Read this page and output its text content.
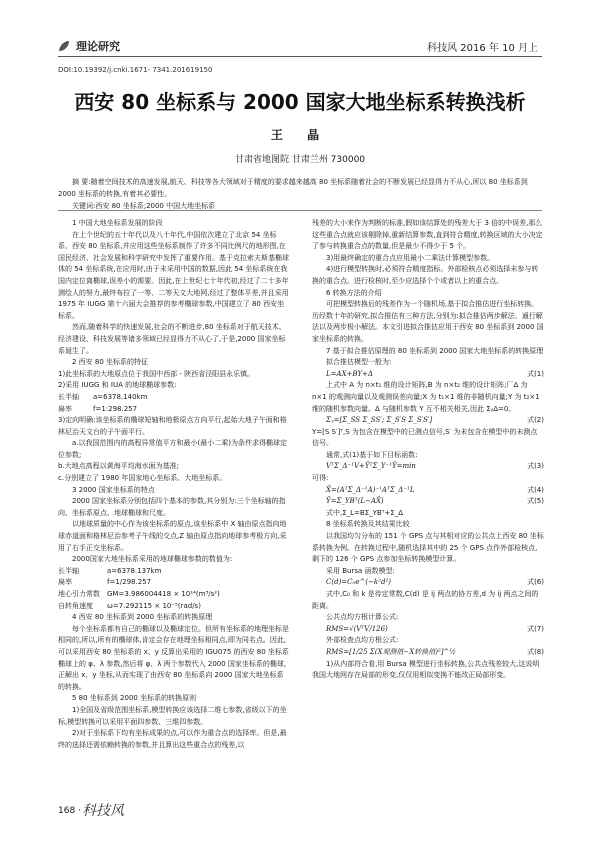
理论研究	科技风 2016 年 10 月上
DOI:10.19392/j.cnki.1671- 7341.201619150
西安 80 坐标系与 2000 国家大地坐标系转换浅析
王 晶
甘肃省地图院 甘肃兰州 730000

摘 要:随着空间技术的高速发展,航天、科技等各大领域对于精度的要求越来越高 80 坐标系随着社会的不断发展已经显得力不从心,所以 80 坐标系到 2000 坐标系的转换,有着其必要性。

关键词:西安 80 坐标系;2000 中国大地坐标系

1 中国大地坐标系发展的阶段

在上个世纪的五十年代以及八十年代,中国依次建立了北京 54 坐标系、西安 80 坐标系,并应用这些坐标系制作了许多不同比例尺的地形图,在国民经济、社会发展和科学研究中发挥了重要作用。基于克拉索夫斯基椭球体的 54 坐标系统,在应用时,由于未采用中国的数据,因此 54 坐标系统在我国内定位离椭球,误差小的需要。因此,在上世纪七十年代初,经过了二十多年测绘人的努力,最终布拉了一等、二等天文大地网,经过了整体平差,并且采用 1975 年 IUGG 第十六届大会推荐的参考椭球参数,中国建立了 80 西安坐标系。

然而,随着科学的快速发展,社会的不断进步,80 坐标系对于航天技术、经济建设、科技发展等诸多领域已经显得力不从心了,于是,2000 国家坐标系诞生了。

2 西安 80 坐标系的特征

1)此坐标系的大地原点位于我国中西部 - 陕西省泾阳县永乐镇。

2)采用 IUGG 和 IUA 的地球椭球参数:

长半轴　　a=6378.140km

扁率　　　f=1:298.257

3)定向明确:该坐标系的椭球短轴和地极原点方向平行,起始大地子午面和格林尼治天文台的子午面平行。

a.以我国范围内的高程异常值平方和最小(最小二乘)为条件求得椭球定位参数;

b.大地点高程以黄海平均海水面为基准;

c.分别建立了 1980 年国家地心坐标系、大地坐标系。

3 2000 国家坐标系的特点

2000 国家坐标系分别包括四个基本的参数,其分别为:三个坐标轴的指向、坐标系原点、地球椭球和尺度。

以地球质量的中心作为该坐标系的原点,该坐标系中 X 轴由原点指向地球赤道面和格林尼治参考子午线的交点,Z 轴由原点指向地球参考极方向,采用了右手正交坐标系。

2000国家大地坐标系采用的地球椭球参数的数值为:

长半轴　　　　a=6378.137km

扁率　　　　　f=1/298.257

地心引力常数　GM=3.986004418 × 10¹⁴(m³/s²)

自转角速度　　ω=7.292115 × 10⁻⁵(rad/s)

4 西安 80 坐标系到 2000 坐标系的转换原理

每个坐标系都有自己的椭球以及椭球定位。但所有坐标系的地理坐标是相同的,所以,所有的椭球体,肯定会存在地理坐标相同点,即为同名点。因此,可以采用西安 80 坐标系的 x、y 反算出采用的 IGU075 的西安 80 坐标系椭球上的 φ、λ 参数,然后将 φ、λ 两个参数代入 2000 国家坐标系的椭球,正解出 x、y 坐标,从而实现了由西安 80 坐标系向 2000 国家大地坐标系的转换。

5 80 坐标系到 2000 坐标系的转换原则

1)全国及省级范围坐标系,模型转换应该选择二维七参数,省级以下的坐标,模型转换可以采用平面四参数、三维四参数。

2)对于坐标系下均有坐标成果的点,可以作为重合点的选择库。但是,最终的选择还需依赖转换的参数,并且算出这些重合点的残差,以

残差的大小来作为判断的标准,假如该结算处的残差大于 3 倍的中误差,那么这些重合点就应该剔除掉,重新结算参数,直到符合精度,转换区域的大小决定了参与转换重合点的数量,但是最少不得少于 5 个。

3)用最终确定的重合点应用最小二乘法计算模型参数。

4)进行模型转换时,必须符合精度指标。外部检核点必须选择未参与转换的重合点。进行检核时,至少应选择个个或者以上的重合点。

6 转换方法的介绍

可把模型转换后的残差作为一个随机场,基于拟合推估进行坐标转换。历经数十年的研究,拟合推估有三种方法,分别为:拟合推估两步解法、通行解法以及两步极小解法。本文引进拟合推估应用于西安 80 坐标系到 2000 国家坐标系的转换。

7 基于拟合推估原理的 80 坐标系到 2000 国家大地坐标系的转换原理

拟合推估模型一般为:

L=AX+BY+Δ	式(1)

上式中 A 为 n×t₁ 维的设计矩阵,B 为 n×t₂ 维的设计矩阵;厂Δ 为 n×1 的观测向量以及观测误差向量;X 为 t₁×1 维的非随机向量;Y 为 t₂×1 维的随机参数向量。Δ 与随机参数 Y 互不相关相关,因此 ΣᵧΔ=0。

Σᵧ=[Σ_SS Σ_SS′; Σ_S′S Σ_S′S′]	式(2)

Y=[S S′]ᵀ,S 为包含在模型中的已测点信号,S′ 为未包含在模型中的未测点信号。

通常,式(1)基于如下目标函数:

VᵀΣ_Δ⁻¹V+ŶᵀΣ_Y⁻¹Ŷ=min	式(3)

可得:

X̂=(AᵀΣ_Δ⁻¹A)⁻¹AᵀΣ_Δ⁻¹L	式(4)
Ŷ=Σ_YBᵀ(L−AX̂)	式(5)

式中,Σ_L=BΣ_YBᵀ+Σ_Δ

8 坐标系转换及其结果比较

以我国均匀分布的 151 个 GPS 点与其相对应的公共点上西安 80 坐标系转换为例。在转换过程中,随机选择其中的 25 个 GPS 点作外部检核点,剩下的 126 个 GPS 点参加坐标转换模型计算。

采用 Bursa 函数模型:

C(d)=C₀e^(−k²d²)	式(6)

式中,C₀ 和 k 是待定常数,C(d) 是 ij 两点的协方差,d 为 ij 两点之间的距离。

公共点均方根计算公式:

RMS=√(VᵀV/126)	式(7)

外部检查点均方根公式:

RMS=[1/25 Σ(X观测值−X转换值)²]^½	式(8)

1)从内部符合看,用 Bursa 模型进行坐标转换,公共点残差较大,这说明我国大地网存在局部的形变,仅仅用相似变换不能改正局部形变。

168 · 科技风
